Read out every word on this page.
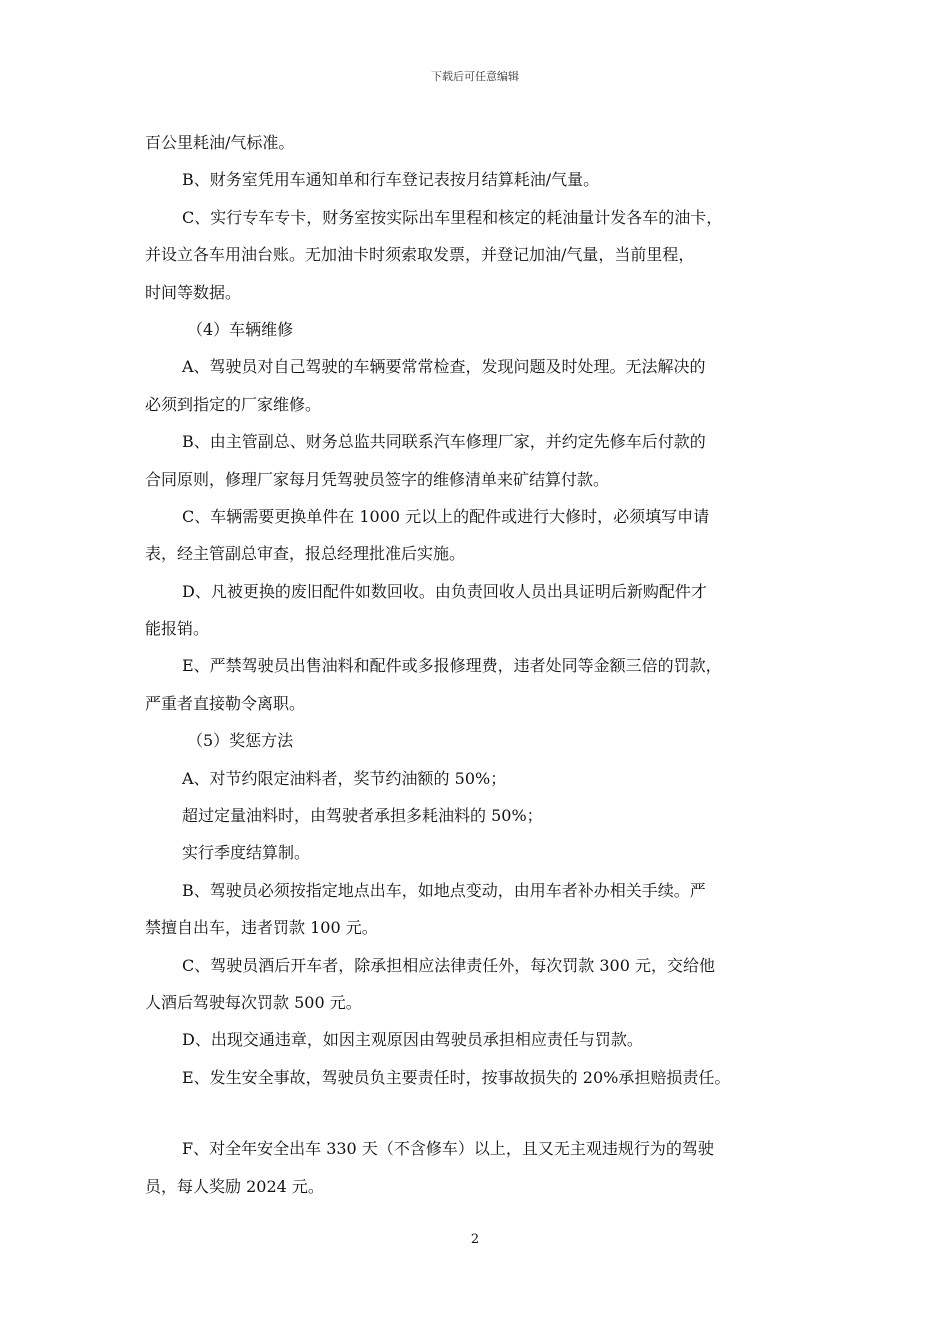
下载后可任意编辑
百公里耗油/气标准。
B、财务室凭用车通知单和行车登记表按月结算耗油/气量。
C、实行专车专卡，财务室按实际出车里程和核定的耗油量计发各车的油卡，
并设立各车用油台账。无加油卡时须索取发票，并登记加油/气量，当前里程，
时间等数据。
（4）车辆维修
A、驾驶员对自己驾驶的车辆要常常检查，发现问题及时处理。无法解决的
必须到指定的厂家维修。
B、由主管副总、财务总监共同联系汽车修理厂家，并约定先修车后付款的
合同原则，修理厂家每月凭驾驶员签字的维修清单来矿结算付款。
C、车辆需要更换单件在 1000 元以上的配件或进行大修时，必须填写申请
表，经主管副总审查，报总经理批准后实施。
D、凡被更换的废旧配件如数回收。由负责回收人员出具证明后新购配件才
能报销。
E、严禁驾驶员出售油料和配件或多报修理费，违者处同等金额三倍的罚款，
严重者直接勒令离职。
（5）奖惩方法
A、对节约限定油料者，奖节约油额的 50%；
超过定量油料时，由驾驶者承担多耗油料的 50%；
实行季度结算制。
B、驾驶员必须按指定地点出车，如地点变动，由用车者补办相关手续。严
禁擅自出车，违者罚款 100 元。
C、驾驶员酒后开车者，除承担相应法律责任外，每次罚款 300 元，交给他
人酒后驾驶每次罚款 500 元。
D、出现交通违章，如因主观原因由驾驶员承担相应责任与罚款。
E、发生安全事故，驾驶员负主要责任时，按事故损失的 20%承担赔损责任。
F、对全年安全出车 330 天（不含修车）以上，且又无主观违规行为的驾驶
员，每人奖励 2024 元。
2
